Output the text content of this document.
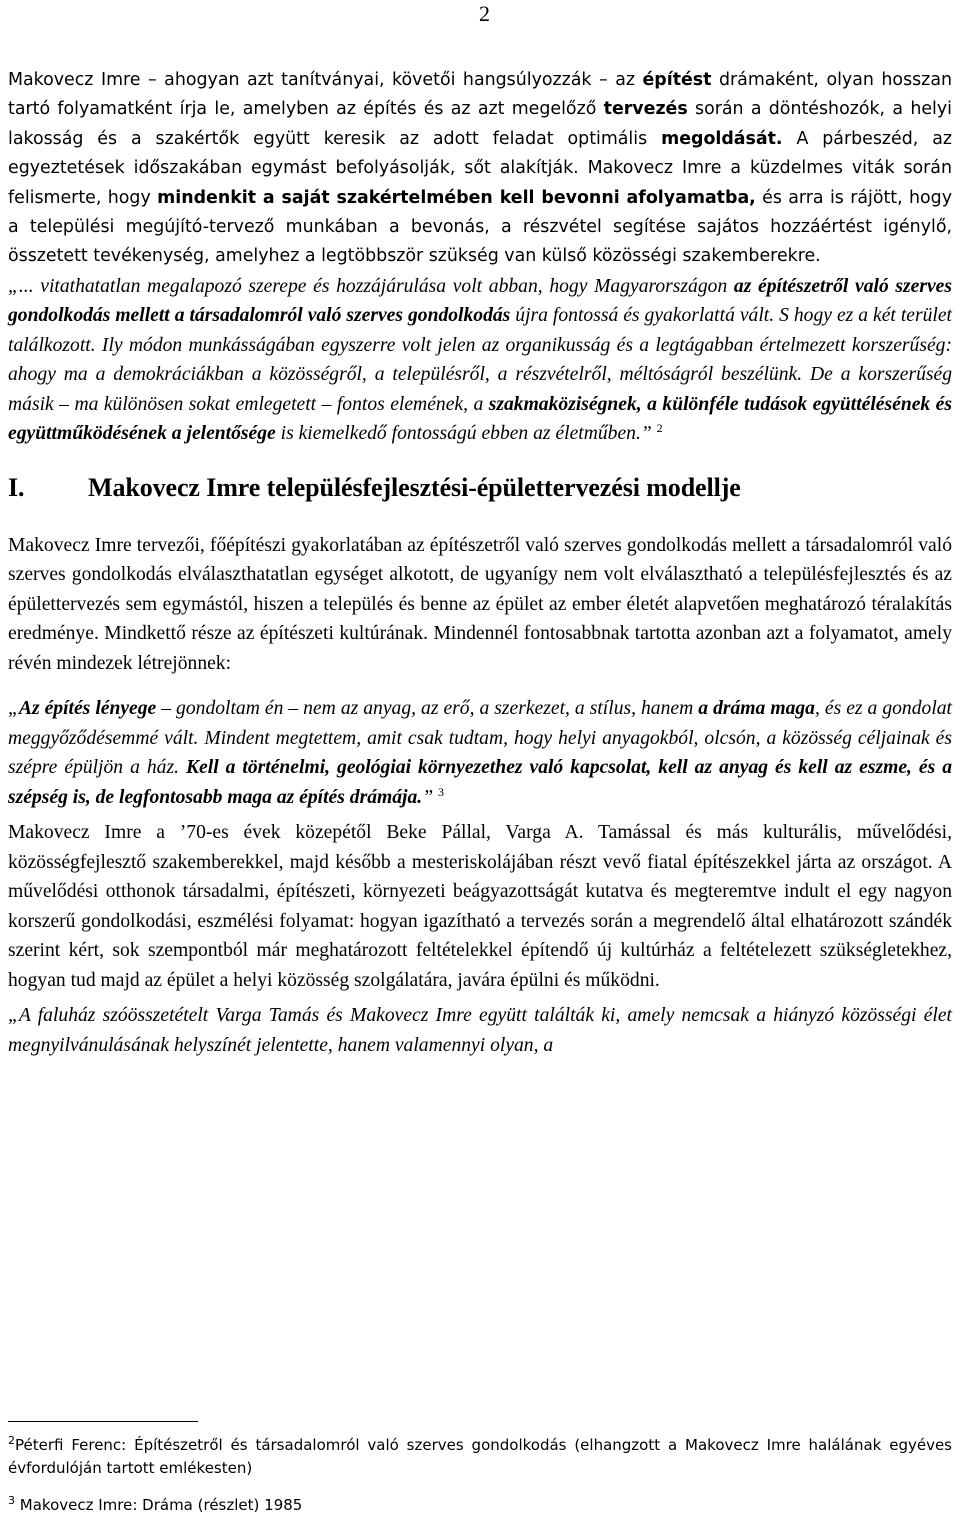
2

Makovecz Imre – ahogyan azt tanítványai, követői hangsúlyozzák – az építést drámaként, olyan hosszan tartó folyamatként írja le, amelyben az építés és az azt megelőző tervezés során a döntéshozók, a helyi lakosság és a szakértők együtt keresik az adott feladat optimális megoldását. A párbeszéd, az egyeztetések időszakában egymást befolyásolják, sőt alakítják. Makovecz Imre a küzdelmes viták során felismerte, hogy mindenkit a saját szakértelmében kell bevonni afolyamatba, és arra is rájött, hogy a települési megújító-tervező munkában a bevonás, a részvétel segítése sajátos hozzáértést igénylő, összetett tevékenység, amelyhez a legtöbbször szükség van külső közösségi szakemberekre.

„... vitathatatlan megalapozó szerepe és hozzájárulása volt abban, hogy Magyarországon az építészetről való szerves gondolkodás mellett a társadalomról való szerves gondolkodás újra fontossá és gyakorlattá vált. S hogy ez a két terület találkozott. Ily módon munkásságában egyszerre volt jelen az organikusság és a legtágabban értelmezett korszerűség: ahogy ma a demokráciákban a közösségről, a településről, a részvételről, méltóságról beszélünk. De a korszerűség másik – ma különösen sokat emlegetett – fontos elemének, a szakmaköziségnek, a különféle tudások együttélésének és együttműködésének a jelentősége is kiemelkedő fontosságú ebben az életműben.” $^2$

I. Makovecz Imre településfejlesztési-épülettervezési modellje

Makovecz Imre tervezői, főépítészi gyakorlatában az építészetről való szerves gondolkodás mellett a társadalomról való szerves gondolkodás elválaszthatatlan egységet alkotott, de ugyanígy nem volt elválasztható a településfejlesztés és az épülettervezés sem egymástól, hiszen a település és benne az épület az ember életét alapvetően meghatározó téralakítás eredménye. Mindkettő része az építészeti kultúrának. Mindennél fontosabbnak tartotta azonban azt a folyamatot, amely révén mindezek létrejönnek:

„Az építés lényege – gondoltam én – nem az anyag, az erő, a szerkezet, a stílus, hanem a dráma maga, és ez a gondolat meggyőződésemmé vált. Mindent megtettem, amit csak tudtam, hogy helyi anyagokból, olcsón, a közösség céljainak és szépre épüljön a ház. Kell a történelmi, geológiai környezethez való kapcsolat, kell az anyag és kell az eszme, és a szépség is, de legfontosabb maga az építés drámája.” $^3$

Makovecz Imre a ’70-es évek közepétől Beke Pállal, Varga A. Tamással és más kulturális, művelődési, közösségfejlesztő szakemberekkel, majd később a mesteriskolájában részt vevő fiatal építészekkel járta az országot. A művelődési otthonok társadalmi, építészeti, környezeti beágyazottságát kutatva és megteremtve indult el egy nagyon korszerű gondolkodási, eszmélési folyamat: hogyan igazítható a tervezés során a megrendelő által elhatározott szándék szerint kért, sok szempontból már meghatározott feltételekkel építendő új kultúrház a feltételezett szükségletekhez, hogyan tud majd az épület a helyi közösség szolgálatára, javára épülni és működni.

„A faluház szóösszetételt Varga Tamás és Makovecz Imre együtt találták ki, amely nemcsak a hiányzó közösségi élet megnyilvánulásának helyszínét jelentette, hanem valamennyi olyan, a

$^2$Péterfi Ferenc: Építészetről és társadalomról való szerves gondolkodás (elhangzott a Makovecz Imre halálának egyéves évfordulóján tartott emlékesten)

$^3$ Makovecz Imre: Dráma (részlet) 1985
